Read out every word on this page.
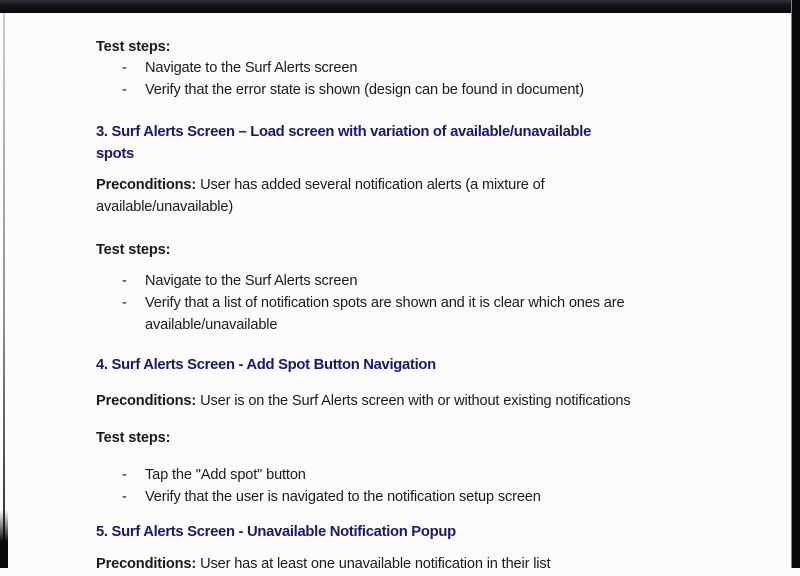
Test steps:
-	Navigate to the Surf Alerts screen
-	Verify that the error state is shown (design can be found in document)
3. Surf Alerts Screen – Load screen with variation of available/unavailable
spots
Preconditions: User has added several notification alerts (a mixture of
available/unavailable)
Test steps:
-	Navigate to the Surf Alerts screen
-	Verify that a list of notification spots are shown and it is clear which ones are
available/unavailable
4. Surf Alerts Screen - Add Spot Button Navigation
Preconditions: User is on the Surf Alerts screen with or without existing notifications
Test steps:
-	Tap the "Add spot" button
-	Verify that the user is navigated to the notification setup screen
5. Surf Alerts Screen - Unavailable Notification Popup
Preconditions: User has at least one unavailable notification in their list
